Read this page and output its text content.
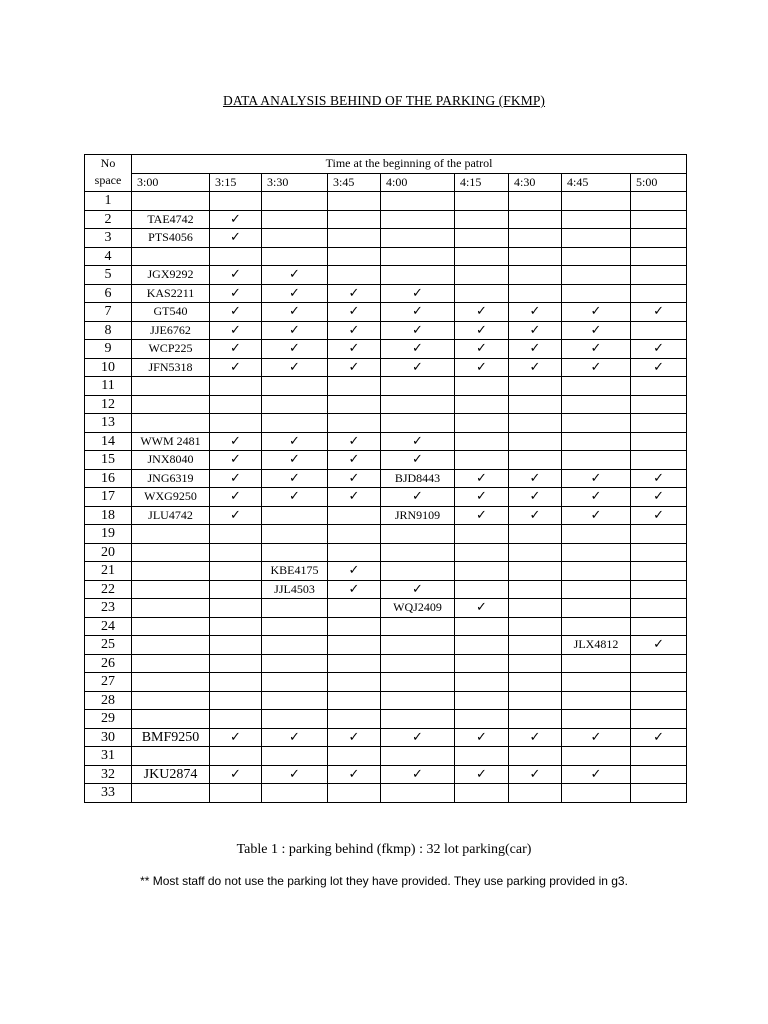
DATA ANALYSIS BEHIND OF THE PARKING (FKMP)
No
space	Time at the beginning of the patrol								
	3:00	3:15	3:30	3:45	4:00	4:15	4:30	4:45	5:00
1									
2	TAE4742	✓							
3	PTS4056	✓							
4									
5	JGX9292	✓	✓						
6	KAS2211	✓	✓	✓	✓				
7	GT540	✓	✓	✓	✓	✓	✓	✓	✓
8	JJE6762	✓	✓	✓	✓	✓	✓	✓	
9	WCP225	✓	✓	✓	✓	✓	✓	✓	✓
10	JFN5318	✓	✓	✓	✓	✓	✓	✓	✓
11									
12									
13									
14	WWM 2481	✓	✓	✓	✓				
15	JNX8040	✓	✓	✓	✓				
16	JNG6319	✓	✓	✓	BJD8443	✓	✓	✓	✓
17	WXG9250	✓	✓	✓	✓	✓	✓	✓	✓
18	JLU4742	✓			JRN9109	✓	✓	✓	✓
19									
20									
21			KBE4175	✓					
22			JJL4503	✓	✓				
23					WQJ2409	✓			
24									
25								JLX4812	✓
26									
27									
28									
29									
30	BMF9250	✓	✓	✓	✓	✓	✓	✓	✓
31									
32	JKU2874	✓	✓	✓	✓	✓	✓	✓	
33									
Table 1 : parking behind (fkmp) : 32 lot parking(car)
** Most staff do not use the parking lot they have provided. They use parking provided in g3.
